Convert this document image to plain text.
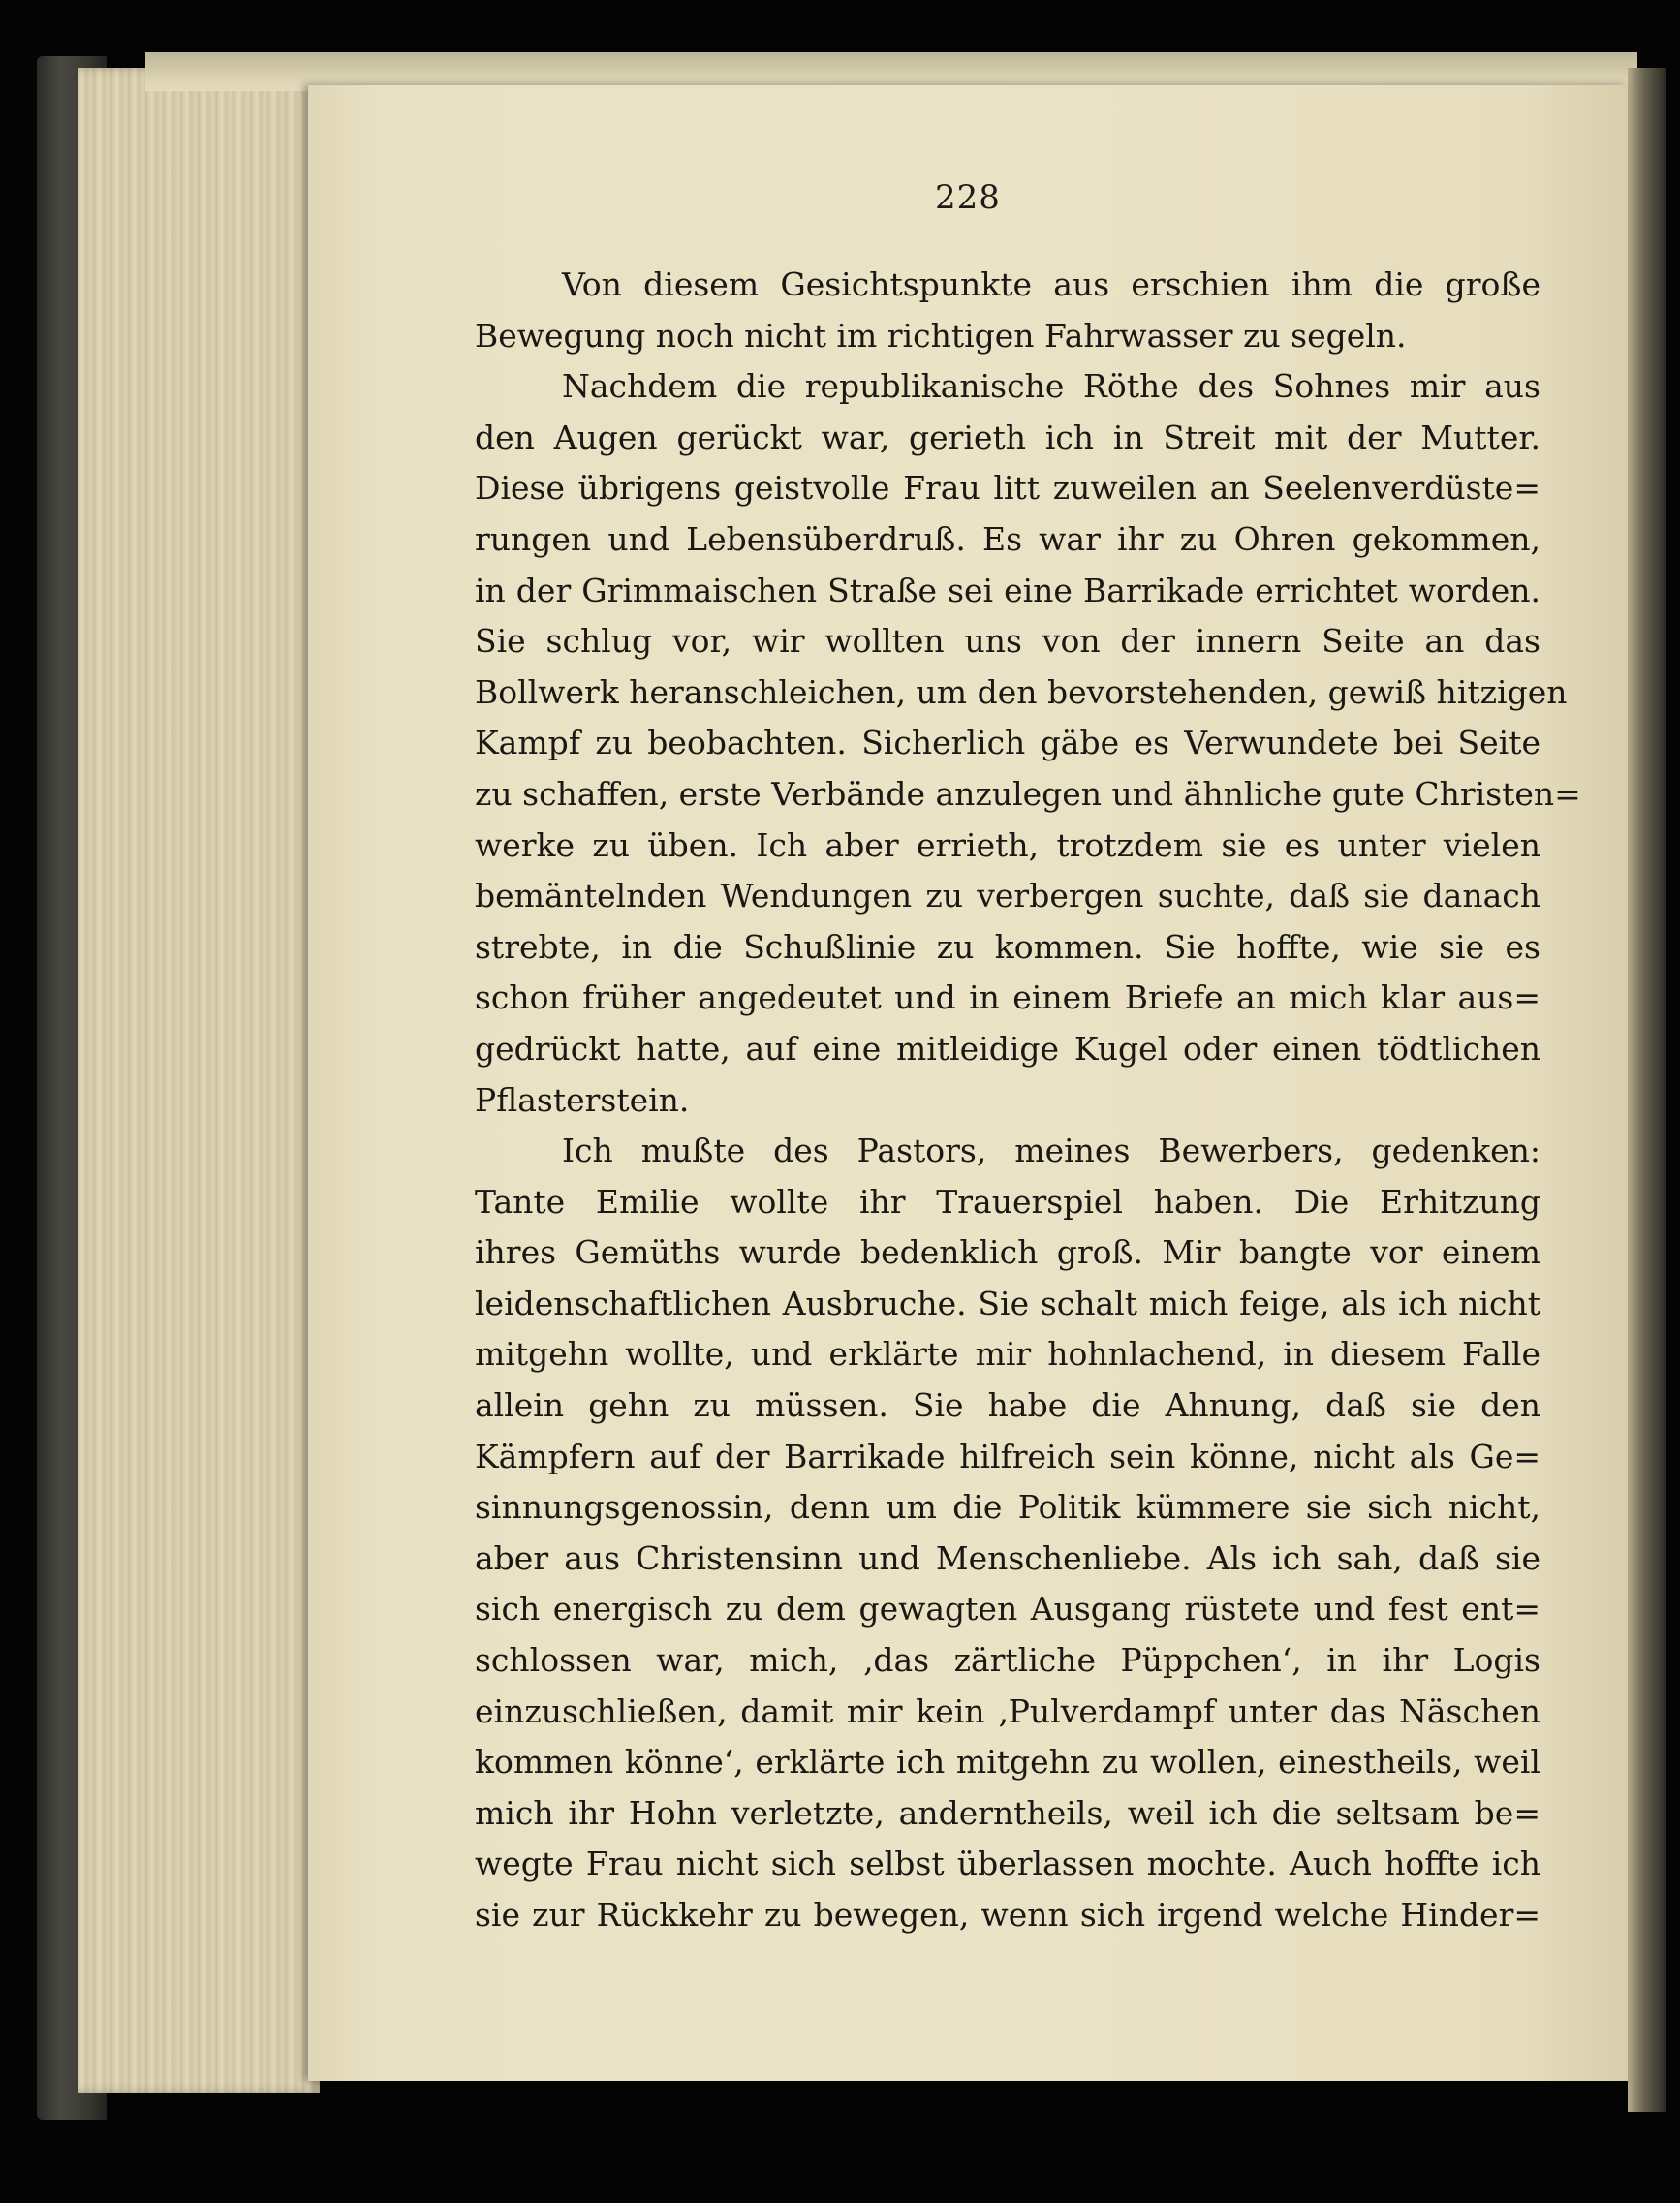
228
Von diesem Gesichtspunkte aus erschien ihm die große
Bewegung noch nicht im richtigen Fahrwasser zu segeln.
Nachdem die republikanische Röthe des Sohnes mir aus
den Augen gerückt war, gerieth ich in Streit mit der Mutter.
Diese übrigens geistvolle Frau litt zuweilen an Seelenverdüste=
rungen und Lebensüberdruß. Es war ihr zu Ohren gekommen,
in der Grimmaischen Straße sei eine Barrikade errichtet worden.
Sie schlug vor, wir wollten uns von der innern Seite an das
Bollwerk heranschleichen, um den bevorstehenden, gewiß hitzigen
Kampf zu beobachten. Sicherlich gäbe es Verwundete bei Seite
zu schaffen, erste Verbände anzulegen und ähnliche gute Christen=
werke zu üben. Ich aber errieth, trotzdem sie es unter vielen
bemäntelnden Wendungen zu verbergen suchte, daß sie danach
strebte, in die Schußlinie zu kommen. Sie hoffte, wie sie es
schon früher angedeutet und in einem Briefe an mich klar aus=
gedrückt hatte, auf eine mitleidige Kugel oder einen tödtlichen
Pflasterstein.
Ich mußte des Pastors, meines Bewerbers, gedenken:
Tante Emilie wollte ihr Trauerspiel haben. Die Erhitzung
ihres Gemüths wurde bedenklich groß. Mir bangte vor einem
leidenschaftlichen Ausbruche. Sie schalt mich feige, als ich nicht
mitgehn wollte, und erklärte mir hohnlachend, in diesem Falle
allein gehn zu müssen. Sie habe die Ahnung, daß sie den
Kämpfern auf der Barrikade hilfreich sein könne, nicht als Ge=
sinnungsgenossin, denn um die Politik kümmere sie sich nicht,
aber aus Christensinn und Menschenliebe. Als ich sah, daß sie
sich energisch zu dem gewagten Ausgang rüstete und fest ent=
schlossen war, mich, ‚das zärtliche Püppchen‘, in ihr Logis
einzuschließen, damit mir kein ‚Pulverdampf unter das Näschen
kommen könne‘, erklärte ich mitgehn zu wollen, einestheils, weil
mich ihr Hohn verletzte, anderntheils, weil ich die seltsam be=
wegte Frau nicht sich selbst überlassen mochte. Auch hoffte ich
sie zur Rückkehr zu bewegen, wenn sich irgend welche Hinder=
